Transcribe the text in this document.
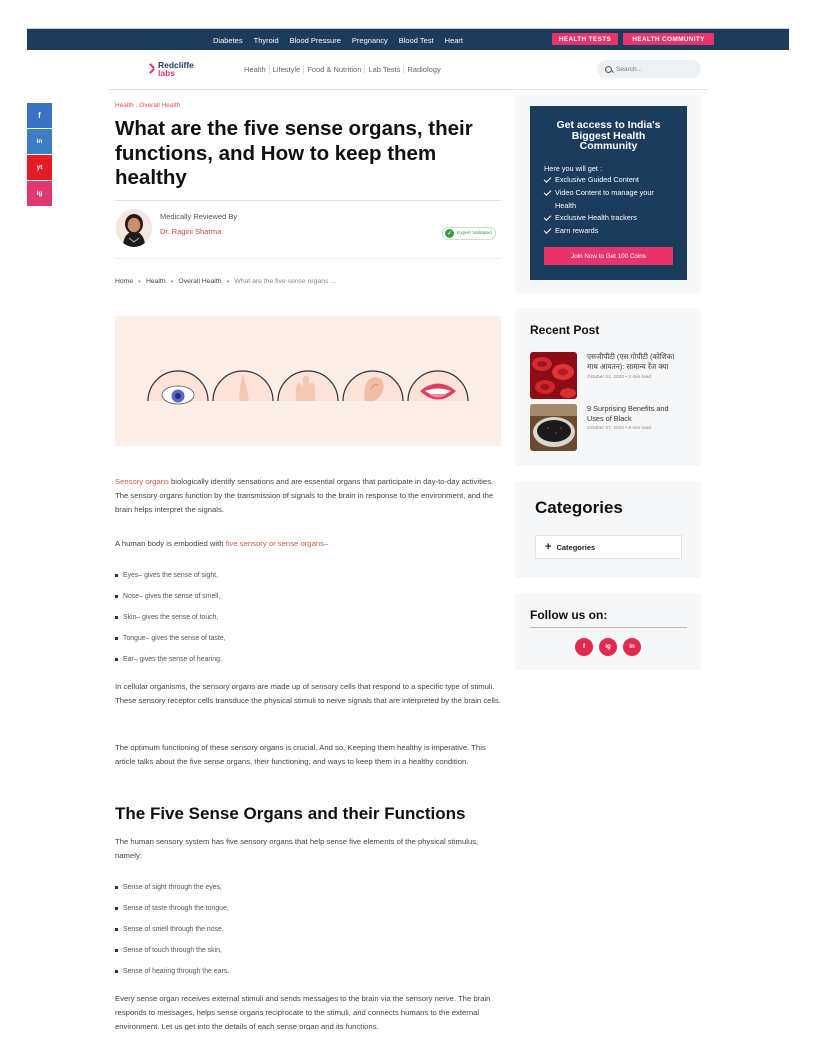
Diabetes Thyroid Blood Pressure Pregnancy Blood Test Heart	HEALTH TESTS	HEALTH COMMUNITY
Redcliffe
labs	Health Lifestyle Food & Nutrition Lab Tests Radiology
Search...
f
in
yt
ig
Health , Overall Health
What are the five sense organs, their functions, and How to keep them healthy
Medically Reviewed By
Dr. Ragini Sharma	✓	Expert Validated
Home • Health • Overall Health • What are the five sense organs ...
Sensory organs biologically identify sensations and are essential organs that participate in day-to-day activities. The sensory organs function by the transmission of signals to the brain in response to the environment, and the brain helps interpret the signals.
A human body is embodied with five sensory or sense organs–
Eyes– gives the sense of sight,
Nose– gives the sense of smell,
Skin– gives the sense of touch,
Tongue– gives the sense of taste,
Ear– gives the sense of hearing.
In cellular organisms, the sensory organs are made up of sensory cells that respond to a specific type of stimuli. These sensory receptor cells transduce the physical stimuli to nerve signals that are interpreted by the brain cells.
The optimum functioning of these sensory organs is crucial. And so, Keeping them healthy is imperative. This article talks about the five sense organs, their functioning, and ways to keep them in a healthy condition.
The Five Sense Organs and their Functions
The human sensory system has five sensory organs that help sense five elements of the physical stimulus, namely:
Sense of sight through the eyes,
Sense of taste through the tongue,
Sense of smell through the nose,
Sense of touch through the skin,
Sense of hearing through the ears.
Every sense organ receives external stimuli and sends messages to the brain via the sensory nerve. The brain responds to messages, helps sense organs reciprocate to the stimuli, and connects humans to the external environment. Let us get into the details of each sense organ and its functions.
Get access to India's Biggest Health Community
Here you will get :
Exclusive Guided Content
Video Content to manage your Health
Exclusive Health trackers
Earn rewards
Join Now to Get 100 Coins
Recent Post
एसजीपीटी (एस गोपीटी (कोशिका माथ आयतन): सामान्य रेंज क्या
October 22, 2022 • 3 min read
9 Surprising Benefits and Uses of Black
October 27, 2022 • 9 min read
Categories
+ Categories
Follow us on:
f	ig	in
